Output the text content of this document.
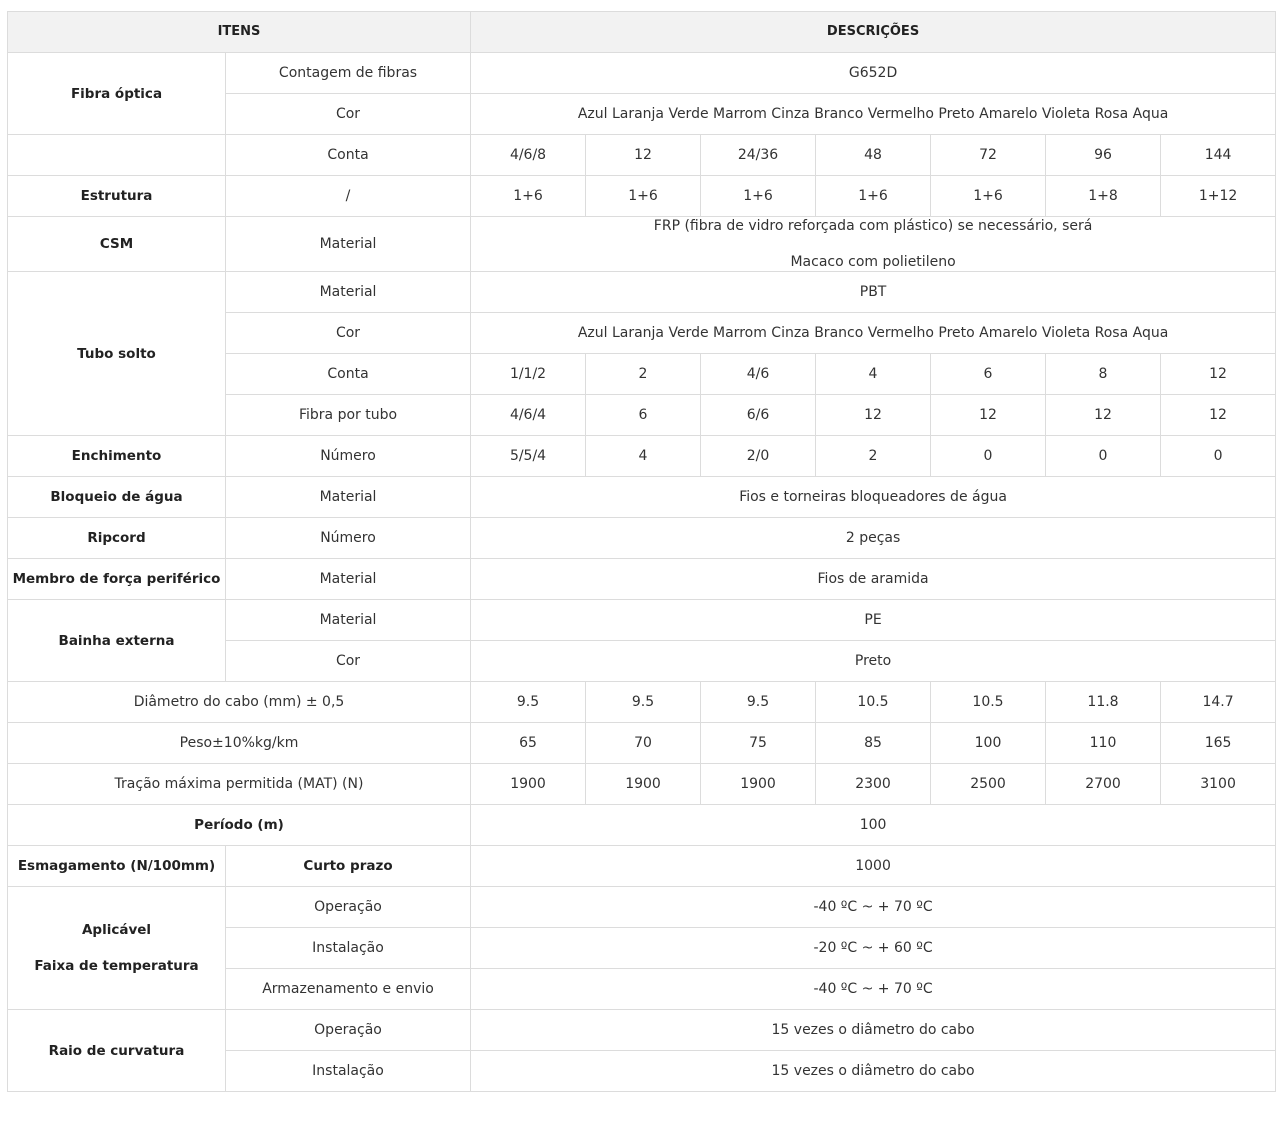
ITENS		DESCRIÇÕES						
Fibra óptica	Contagem de fibras	G652D						
	Cor	Azul Laranja Verde Marrom Cinza Branco Vermelho Preto Amarelo Violeta Rosa Aqua						
	Conta	4/6/8	12	24/36	48	72	96	144
Estrutura	/	1+6	1+6	1+6	1+6	1+6	1+8	1+12
CSM	Material	FRP (fibra de vidro reforçada com plástico) se necessário, será
Macaco com polietileno						

Tubo solto	Material	PBT						
	Cor	Azul Laranja Verde Marrom Cinza Branco Vermelho Preto Amarelo Violeta Rosa Aqua						
	Conta	1/1/2	2	4/6	4	6	8	12
	Fibra por tubo	4/6/4	6	6/6	12	12	12	12
Enchimento	Número	5/5/4	4	2/0	2	0	0	0
Bloqueio de água	Material	Fios e torneiras bloqueadores de água						
Ripcord	Número	2 peças						
Membro de força periférico	Material	Fios de aramida						
Bainha externa	Material	PE						
	Cor	Preto						
Diâmetro do cabo (mm) ± 0,5		9.5	9.5	9.5	10.5	10.5	11.8	14.7
Peso±10%kg/km		65	70	75	85	100	110	165
Tração máxima permitida (MAT) (N)		1900	1900	1900	2300	2500	2700	3100
Período (m)		100						
Esmagamento (N/100mm)	Curto prazo	1000						
Aplicável
Faixa de temperatura	Operação	-40 ºC ~ + 70 ºC						
	Instalação	-20 ºC ~ + 60 ºC						
	Armazenamento e envio	-40 ºC ~ + 70 ºC						
Raio de curvatura	Operação	15 vezes o diâmetro do cabo						
	Instalação	15 vezes o diâmetro do cabo						
